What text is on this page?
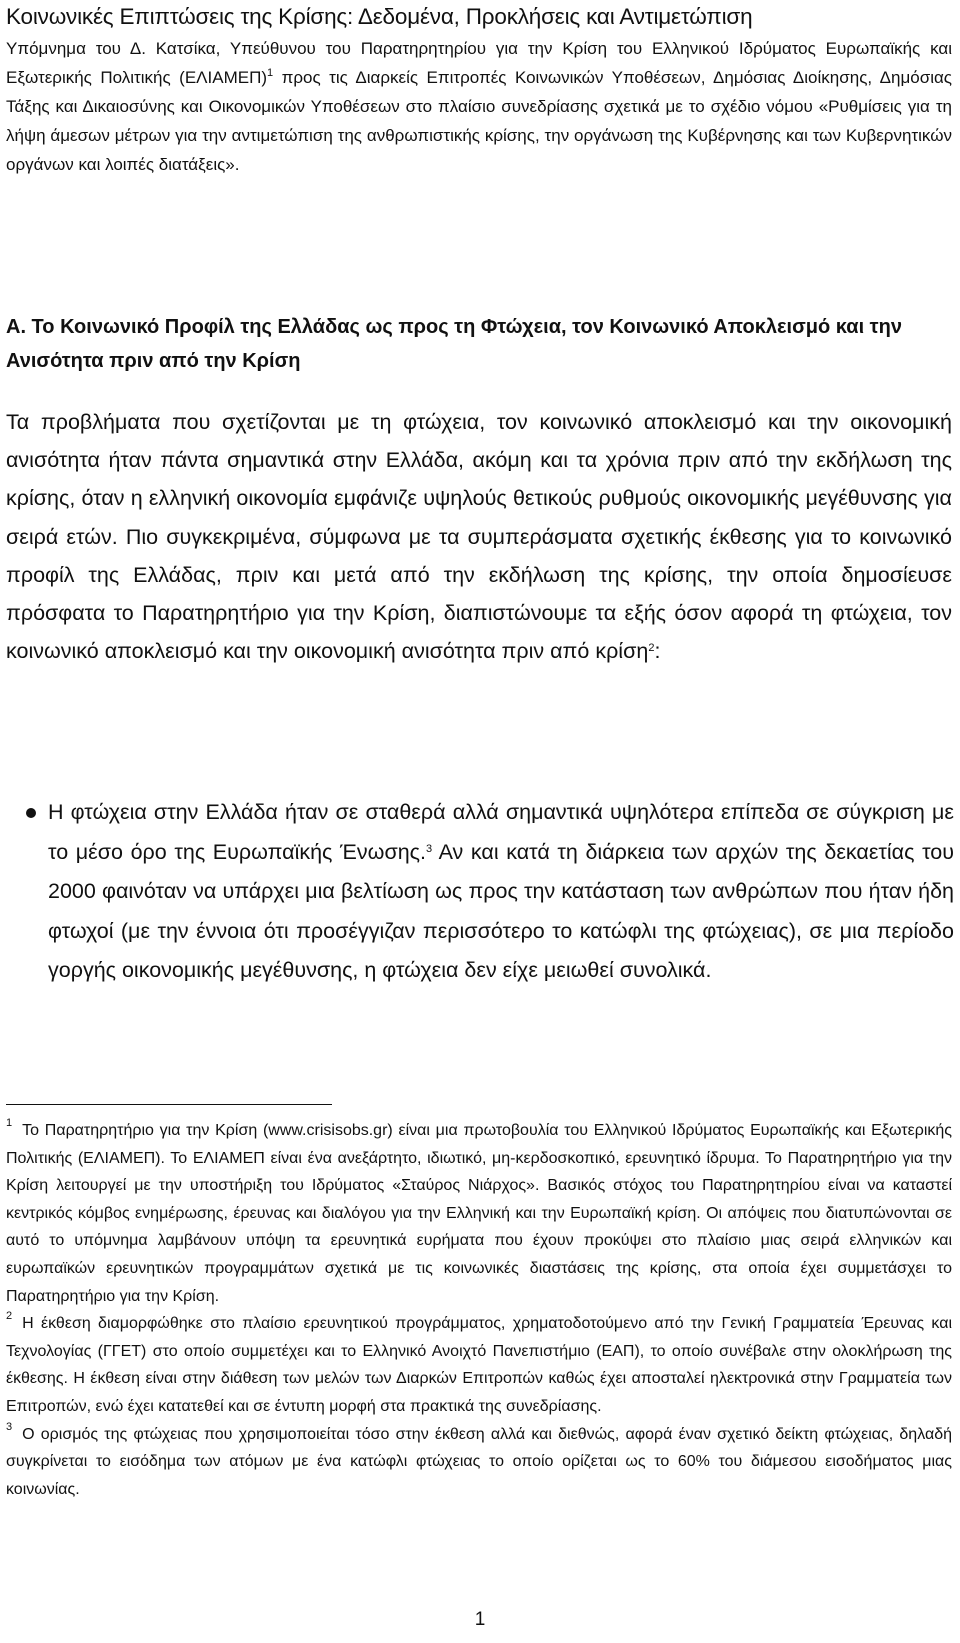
Κοινωνικές Επιπτώσεις της Κρίσης: Δεδομένα, Προκλήσεις και Αντιμετώπιση

Υπόμνημα του Δ. Κατσίκα, Υπεύθυνου του Παρατηρητηρίου για την Κρίση του Ελληνικού Ιδρύματος Ευρωπαϊκής και Εξωτερικής Πολιτικής $(E\Lambda IAME\Pi)^1$ προς τις Διαρκείς Επιτροπές Κοινωνικών Υποθέσεων, Δημόσιας Διοίκησης, Δημόσιας Τάξης και Δικαιοσύνης και Οικονομικών Υποθέσεων στο πλαίσιο συνεδρίασης σχετικά με το σχέδιο νόμου «Ρυθμίσεις για τη λήψη άμεσων μέτρων για την αντιμετώπιση της ανθρωπιστικής κρίσης, την οργάνωση της Κυβέρνησης και των Κυβερνητικών οργάνων και λοιπές διατάξεις».

Α. Το Κοινωνικό Προφίλ της Ελλάδας ως προς τη Φτώχεια, τον Κοινωνικό Αποκλεισμό και την Ανισότητα πριν από την Κρίση

Τα προβλήματα που σχετίζονται με τη φτώχεια, τον κοινωνικό αποκλεισμό και την οικονομική ανισότητα ήταν πάντα σημαντικά στην Ελλάδα, ακόμη και τα χρόνια πριν από την εκδήλωση της κρίσης, όταν η ελληνική οικονομία εμφάνιζε υψηλούς θετικούς ρυθμούς οικονομικής μεγέθυνσης για σειρά ετών. Πιο συγκεκριμένα, σύμφωνα με τα συμπεράσματα σχετικής έκθεσης για το κοινωνικό προφίλ της Ελλάδας, πριν και μετά από την εκδήλωση της κρίσης, την οποία δημοσίευσε πρόσφατα το Παρατηρητήριο για την Κρίση, διαπιστώνουμε τα εξής όσον αφορά τη φτώχεια, τον κοινωνικό αποκλεισμό και την οικονομική ανισότητα πριν από κρίση$^2$:

Η φτώχεια στην Ελλάδα ήταν σε σταθερά αλλά σημαντικά υψηλότερα επίπεδα σε σύγκριση με το μέσο όρο της Ευρωπαϊκής Ένωσης.$^3$ Αν και κατά τη διάρκεια των αρχών της δεκαετίας του 2000 φαινόταν να υπάρχει μια βελτίωση ως προς την κατάσταση των ανθρώπων που ήταν ήδη φτωχοί (με την έννοια ότι προσέγγιζαν περισσότερο το κατώφλι της φτώχειας), σε μια περίοδο γοργής οικονομικής μεγέθυνσης, η φτώχεια δεν είχε μειωθεί συνολικά.

$^1$ Το Παρατηρητήριο για την Κρίση (www.crisisobs.gr) είναι μια πρωτοβουλία του Ελληνικού Ιδρύματος Ευρωπαϊκής και Εξωτερικής Πολιτικής (ΕΛΙΑΜΕΠ). Το ΕΛΙΑΜΕΠ είναι ένα ανεξάρτητο, ιδιωτικό, μη-κερδοσκοπικό, ερευνητικό ίδρυμα. Το Παρατηρητήριο για την Κρίση λειτουργεί με την υποστήριξη του Ιδρύματος «Σταύρος Νιάρχος». Βασικός στόχος του Παρατηρητηρίου είναι να καταστεί κεντρικός κόμβος ενημέρωσης, έρευνας και διαλόγου για την Ελληνική και την Ευρωπαϊκή κρίση. Οι απόψεις που διατυπώνονται σε αυτό το υπόμνημα λαμβάνουν υπόψη τα ερευνητικά ευρήματα που έχουν προκύψει στο πλαίσιο μιας σειρά ελληνικών και ευρωπαϊκών ερευνητικών προγραμμάτων σχετικά με τις κοινωνικές διαστάσεις της κρίσης, στα οποία έχει συμμετάσχει το Παρατηρητήριο για την Κρίση.

$^2$ Η έκθεση διαμορφώθηκε στο πλαίσιο ερευνητικού προγράμματος, χρηματοδοτούμενο από την Γενική Γραμματεία Έρευνας και Τεχνολογίας (ΓΓΕΤ) στο οποίο συμμετέχει και το Ελληνικό Ανοιχτό Πανεπιστήμιο (ΕΑΠ), το οποίο συνέβαλε στην ολοκλήρωση της έκθεσης. Η έκθεση είναι στην διάθεση των μελών των Διαρκών Επιτροπών καθώς έχει αποσταλεί ηλεκτρονικά στην Γραμματεία των Επιτροπών, ενώ έχει κατατεθεί και σε έντυπη μορφή στα πρακτικά της συνεδρίασης.

$^3$ Ο ορισμός της φτώχειας που χρησιμοποιείται τόσο στην έκθεση αλλά και διεθνώς, αφορά έναν σχετικό δείκτη φτώχειας, δηλαδή συγκρίνεται το εισόδημα των ατόμων με ένα κατώφλι φτώχειας το οποίο ορίζεται ως το 60% του διάμεσου εισοδήματος μιας κοινωνίας.

1
